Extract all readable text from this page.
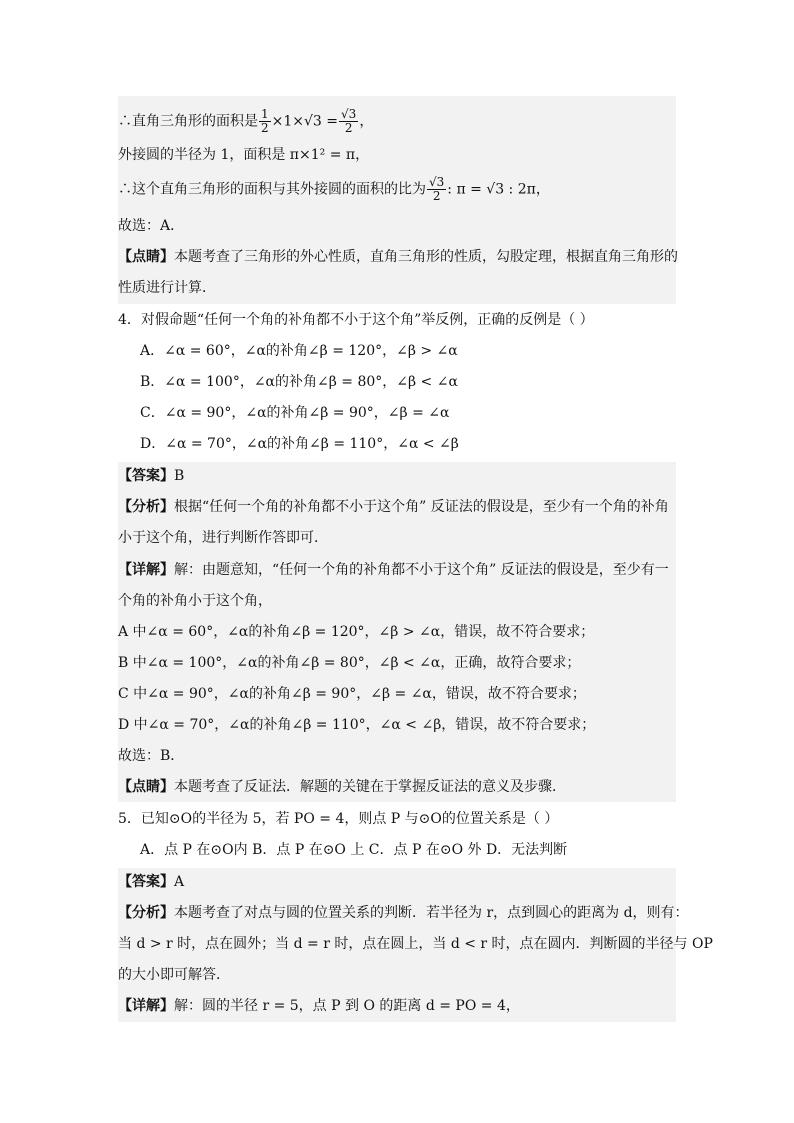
∴直角三角形的面积是 $\frac{1}{2} \times 1\times√3 = \frac{√3}{2}$ ，
外接圆的半径为 1，面积是 π×1² = π，
∴这个直角三角形的面积与其外接圆的面积的比为 $\frac{√3}{2}$ : π = √3 : 2π，
故选：A．
【点睛】本题考查了三角形的外心性质，直角三角形的性质，勾股定理，根据直角三角形的
性质进行计算．
4．对假命题“任何一个角的补角都不小于这个角”举反例，正确的反例是（ ）
A．∠α = 60°，∠α的补角∠β = 120°，∠β > ∠α
B．∠α = 100°，∠α的补角∠β = 80°，∠β < ∠α
C．∠α = 90°，∠α的补角∠β = 90°，∠β = ∠α
D．∠α = 70°，∠α的补角∠β = 110°，∠α < ∠β
【答案】B
【分析】根据“任何一个角的补角都不小于这个角” 反证法的假设是，至少有一个角的补角
小于这个角，进行判断作答即可．
【详解】解：由题意知，“任何一个角的补角都不小于这个角” 反证法的假设是，至少有一
个角的补角小于这个角，
A 中∠α = 60°，∠α的补角∠β = 120°，∠β > ∠α，错误，故不符合要求；
B 中∠α = 100°，∠α的补角∠β = 80°，∠β < ∠α，正确，故符合要求；
C 中∠α = 90°，∠α的补角∠β = 90°，∠β = ∠α，错误，故不符合要求；
D 中∠α = 70°，∠α的补角∠β = 110°，∠α < ∠β，错误，故不符合要求；
故选：B．
【点睛】本题考查了反证法．解题的关键在于掌握反证法的意义及步骤．
5．已知⊙O的半径为 5，若 PO = 4，则点 P 与⊙O的位置关系是（ ）
A．点 P 在⊙O内 B．点 P 在⊙O 上 C．点 P 在⊙O 外 D．无法判断
【答案】A
【分析】本题考查了对点与圆的位置关系的判断．若半径为 r，点到圆心的距离为 d，则有：
当 d > r 时，点在圆外；当 d = r 时，点在圆上，当 d < r 时，点在圆内．判断圆的半径与 OP
的大小即可解答．
【详解】解：圆的半径 r = 5，点 P 到 O 的距离 d = PO = 4，
